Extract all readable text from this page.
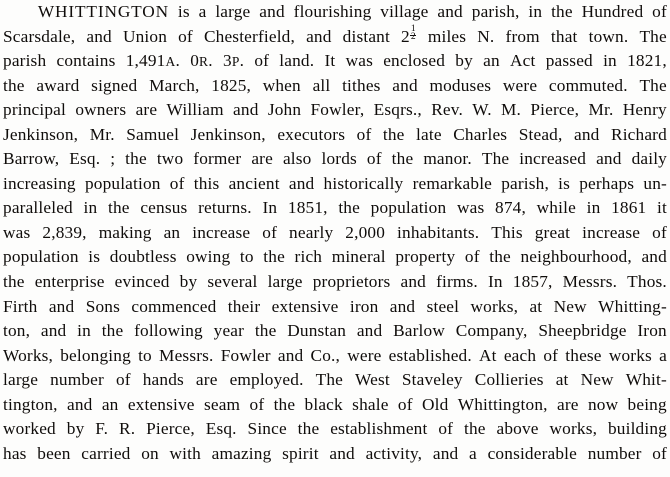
WHITTINGTON is a large and flourishing village and parish, in the Hundred of
Scarsdale, and Union of Chesterfield, and distant $2 \frac{1}{2}$ miles N. from that town. The
parish contains 1,491A. 0R. 3P. of land. It was enclosed by an Act passed in 1821,
the award signed March, 1825, when all tithes and moduses were commuted. The
principal owners are William and John Fowler, Esqrs., Rev. W. M. Pierce, Mr. Henry
Jenkinson, Mr. Samuel Jenkinson, executors of the late Charles Stead, and Richard
Barrow, Esq. ; the two former are also lords of the manor. The increased and daily
increasing population of this ancient and historically remarkable parish, is perhaps un-
paralleled in the census returns. In 1851, the population was 874, while in 1861 it
was 2,839, making an increase of nearly 2,000 inhabitants. This great increase of
population is doubtless owing to the rich mineral property of the neighbourhood, and
the enterprise evinced by several large proprietors and firms. In 1857, Messrs. Thos.
Firth and Sons commenced their extensive iron and steel works, at New Whitting-
ton, and in the following year the Dunstan and Barlow Company, Sheepbridge Iron
Works, belonging to Messrs. Fowler and Co., were established. At each of these works a
large number of hands are employed. The West Staveley Collieries at New Whit-
tington, and an extensive seam of the black shale of Old Whittington, are now being
worked by F. R. Pierce, Esq. Since the establishment of the above works, building
has been carried on with amazing spirit and activity, and a considerable number of
